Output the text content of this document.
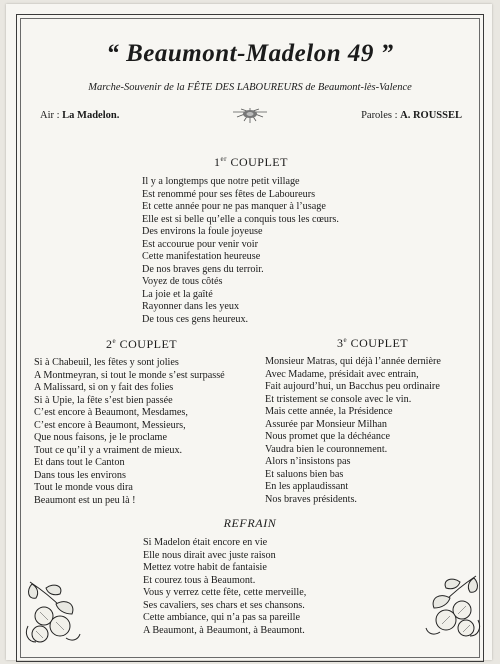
“ Beaumont-Madelon 49 ”
Marche-Souvenir de la FÊTE DES LABOUREURS de Beaumont-lès-Valence
Air : La Madelon.	Paroles : A. ROUSSEL
1er COUPLET
Il y a longtemps que notre petit village
Est renommé pour ses fêtes de Laboureurs
Et cette année pour ne pas manquer à l’usage
Elle est si belle qu’elle a conquis tous les cœurs.
Des environs la foule joyeuse
Est accourue pour venir voir
Cette manifestation heureuse
De nos braves gens du terroir.
Voyez de tous côtés
La joie et la gaîté
Rayonner dans les yeux
De tous ces gens heureux.
2e COUPLET
Si à Chabeuil, les fêtes y sont jolies
A Montmeyran, si tout le monde s’est surpassé
A Malissard, si on y fait des folies
Si à Upie, la fête s’est bien passée
C’est encore à Beaumont, Mesdames,
C’est encore à Beaumont, Messieurs,
Que nous faisons, je le proclame
Tout ce qu’il y a vraiment de mieux.
Et dans tout le Canton
Dans tous les environs
Tout le monde vous dira
Beaumont est un peu là !
3e COUPLET
Monsieur Matras, qui déjà l’année dernière
Avec Madame, présidait avec entrain,
Fait aujourd’hui, un Bacchus peu ordinaire
Et tristement se console avec le vin.
Mais cette année, la Présidence
Assurée par Monsieur Milhan
Nous promet que la déchéance
Vaudra bien le couronnement.
Alors n’insistons pas
Et saluons bien bas
En les applaudissant
Nos braves présidents.
REFRAIN
Si Madelon était encore en vie
Elle nous dirait avec juste raison
Mettez votre habit de fantaisie
Et courez tous à Beaumont.
Vous y verrez cette fête, cette merveille,
Ses cavaliers, ses chars et ses chansons.
Cette ambiance, qui n’a pas sa pareille
A Beaumont, à Beaumont, à Beaumont.
